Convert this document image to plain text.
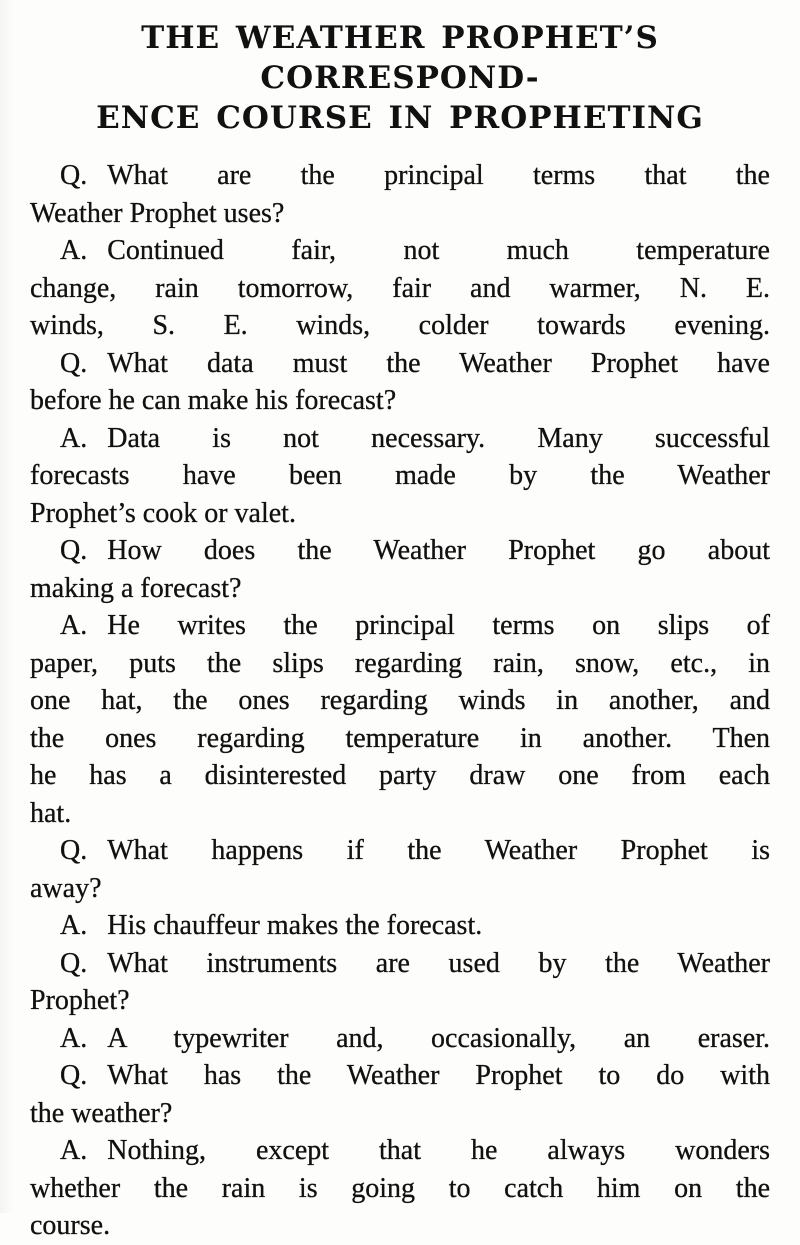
THE WEATHER PROPHET’S CORRESPOND-
ENCE COURSE IN PROPHETING
Q. What are the principal terms that the
Weather Prophet uses?
A. Continued fair, not much temperature
change, rain tomorrow, fair and warmer, N. E.
winds, S. E. winds, colder towards evening.
Q. What data must the Weather Prophet have
before he can make his forecast?
A. Data is not necessary. Many successful
forecasts have been made by the Weather
Prophet’s cook or valet.
Q. How does the Weather Prophet go about
making a forecast?
A. He writes the principal terms on slips of
paper, puts the slips regarding rain, snow, etc., in
one hat, the ones regarding winds in another, and
the ones regarding temperature in another. Then
he has a disinterested party draw one from each
hat.
Q. What happens if the Weather Prophet is
away?
A. His chauffeur makes the forecast.
Q. What instruments are used by the Weather
Prophet?
A. A typewriter and, occasionally, an eraser.
Q. What has the Weather Prophet to do with
the weather?
A. Nothing, except that he always wonders
whether the rain is going to catch him on the
course.
